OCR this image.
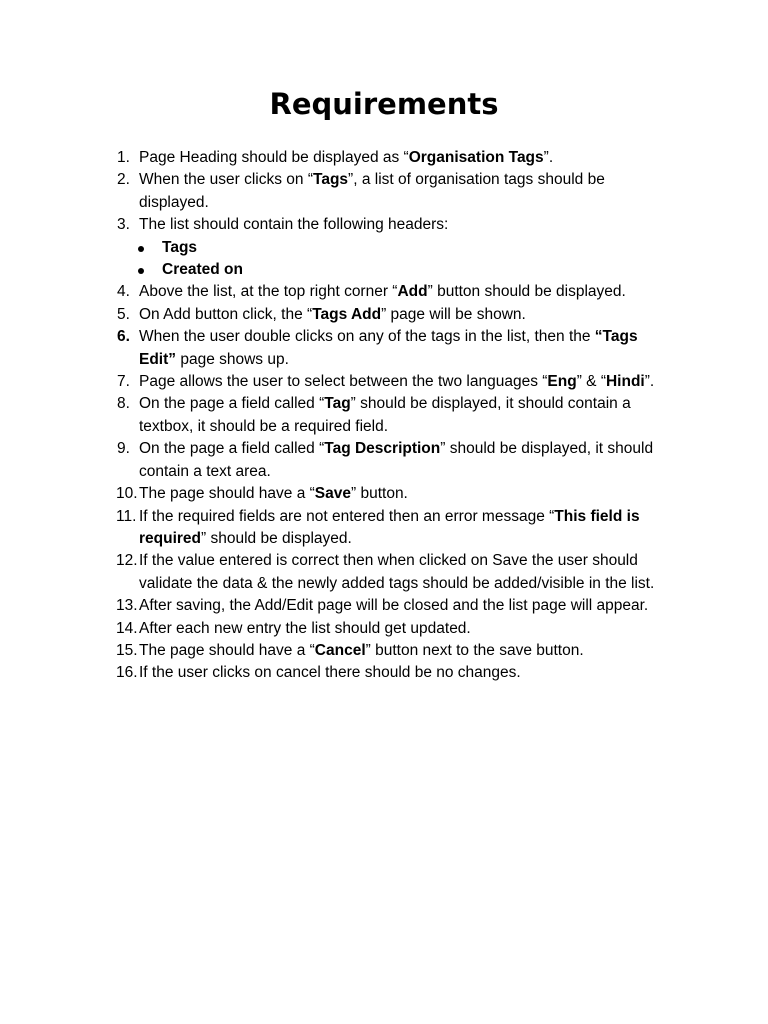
Requirements
1. Page Heading should be displayed as “Organisation Tags”.
2. When the user clicks on “Tags”, a list of organisation tags should be displayed.
3. The list should contain the following headers:
Tags
Created on
4. Above the list, at the top right corner “Add” button should be displayed.
5. On Add button click, the “Tags Add” page will be shown.
6. When the user double clicks on any of the tags in the list, then the “Tags Edit” page shows up.
7. Page allows the user to select between the two languages “Eng” & “Hindi”.
8. On the page a field called “Tag” should be displayed, it should contain a textbox, it should be a required field.
9. On the page a field called “Tag Description” should be displayed, it should contain a text area.
10. The page should have a “Save” button.
11. If the required fields are not entered then an error message “This field is required” should be displayed.
12. If the value entered is correct then when clicked on Save the user should validate the data & the newly added tags should be added/visible in the list.
13. After saving, the Add/Edit page will be closed and the list page will appear.
14. After each new entry the list should get updated.
15. The page should have a “Cancel” button next to the save button.
16. If the user clicks on cancel there should be no changes.
